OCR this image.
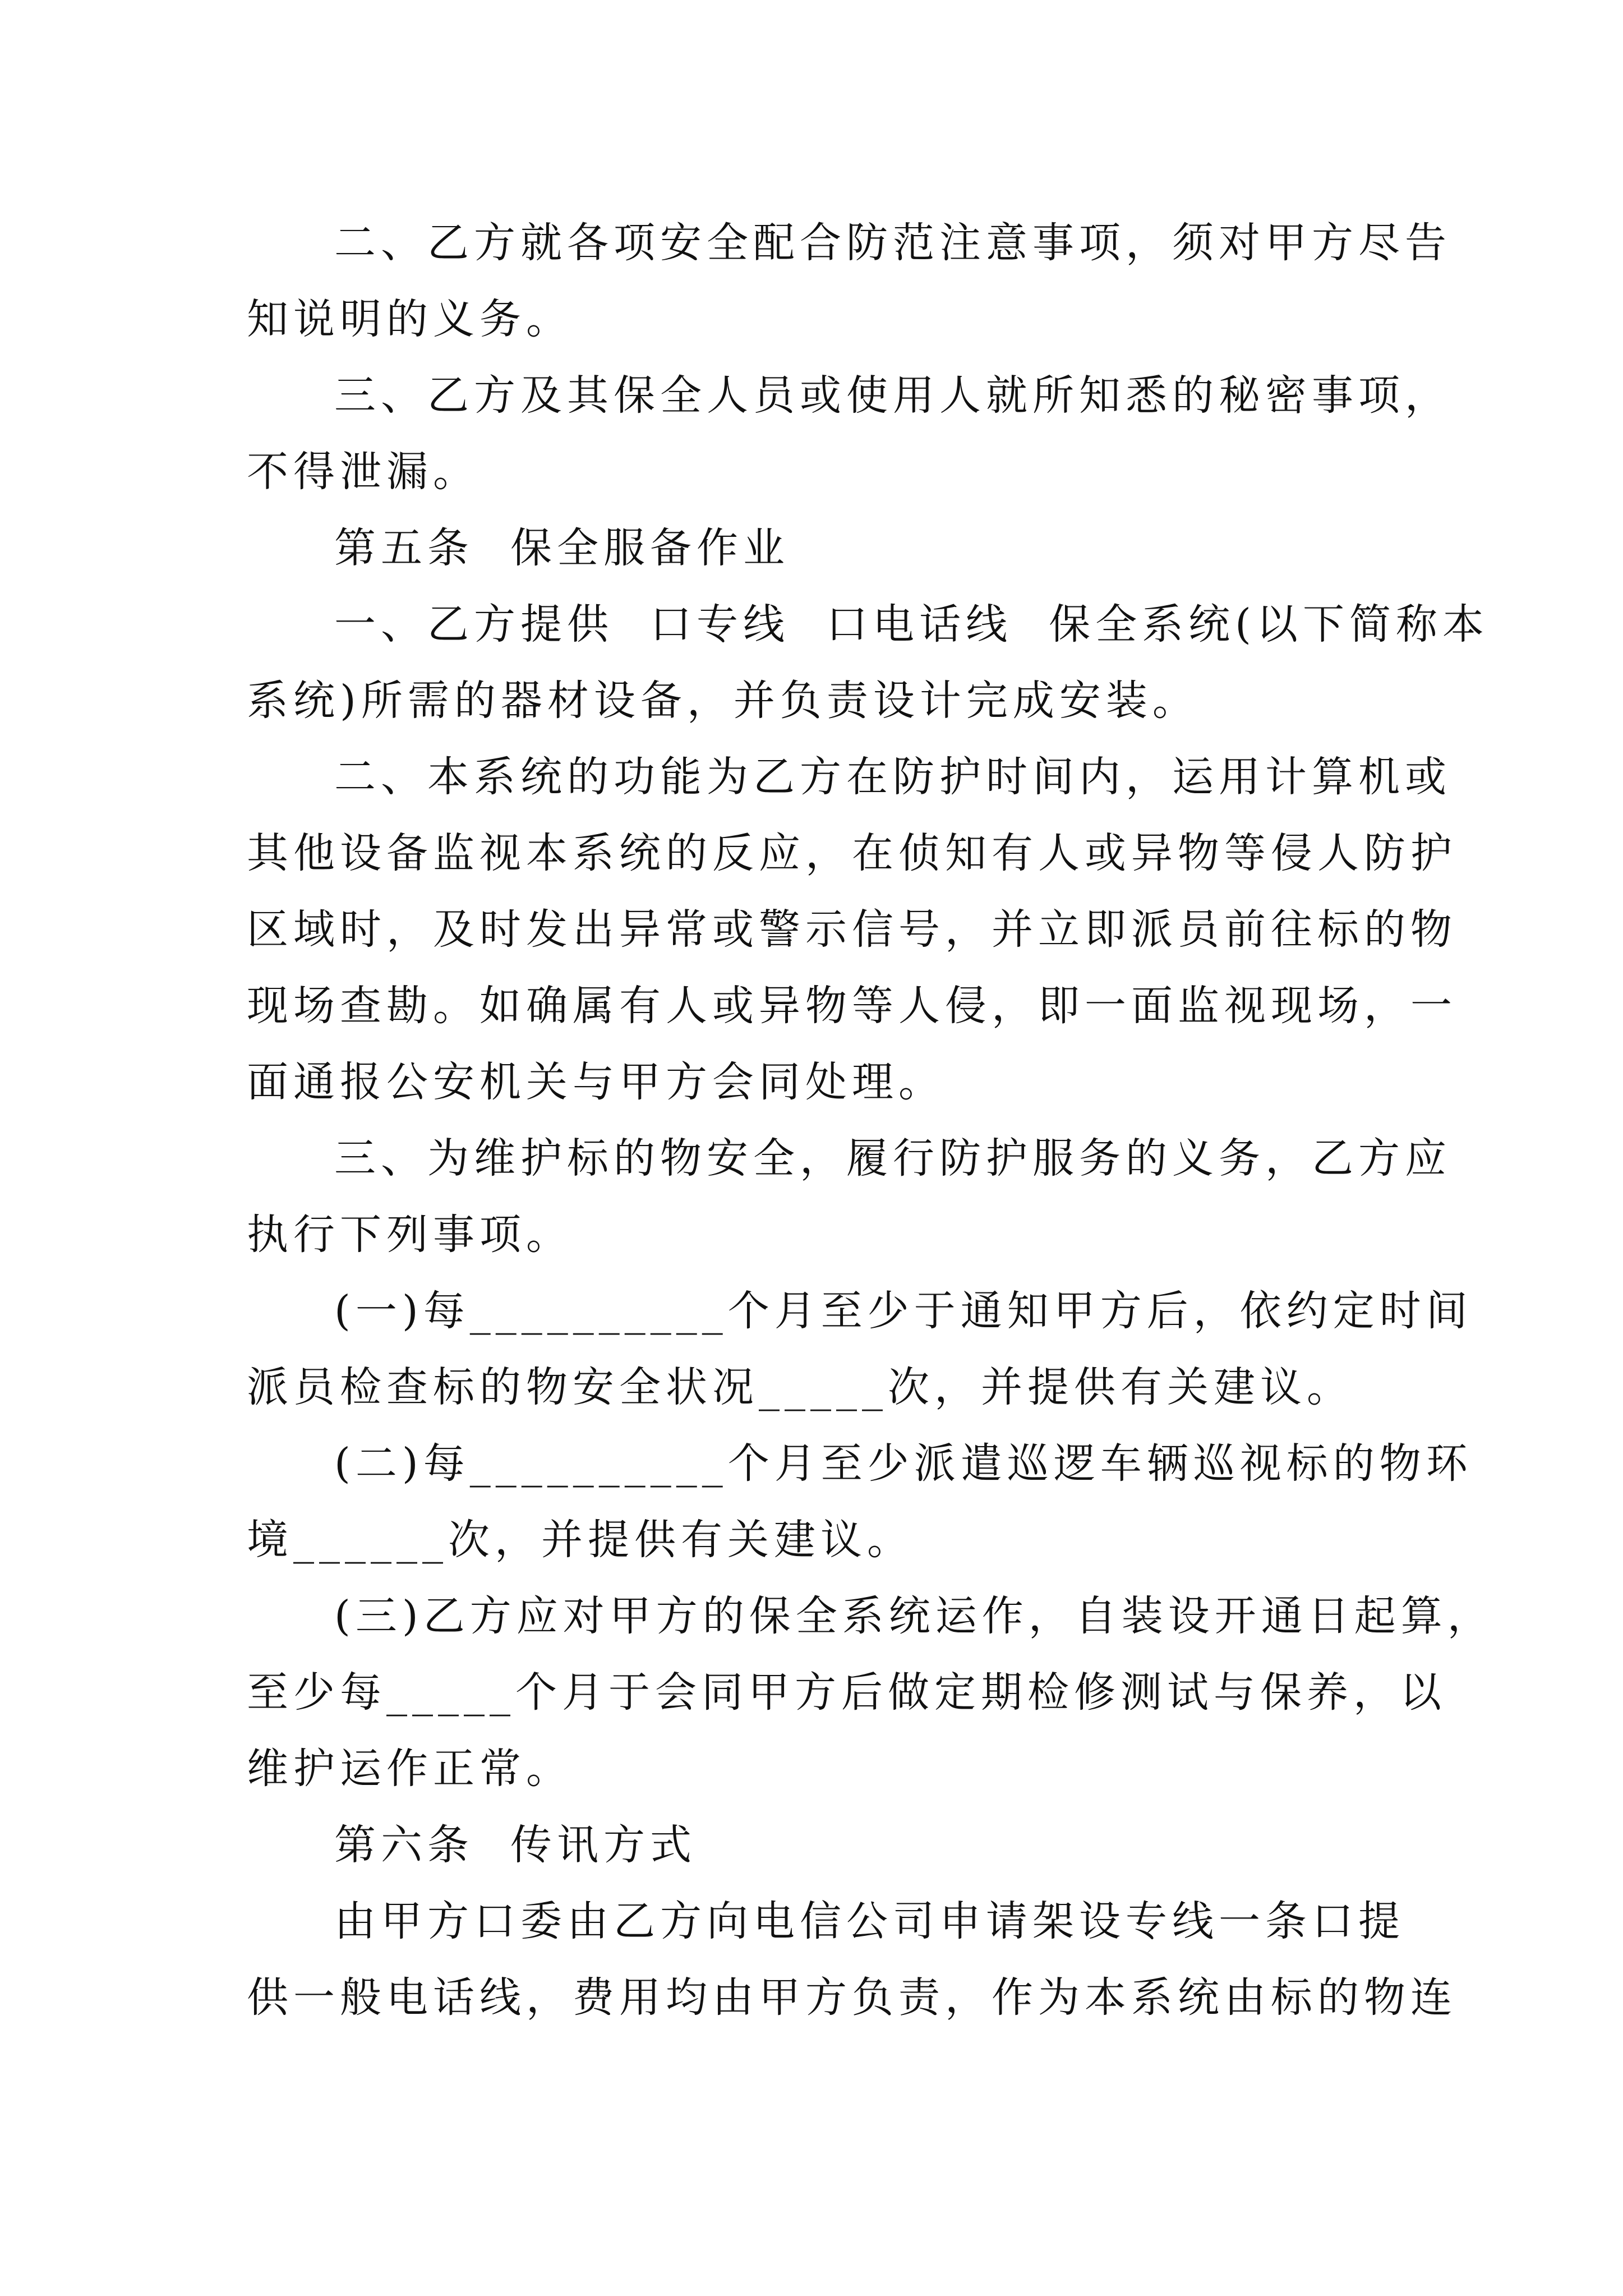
二、乙方就各项安全配合防范注意事项，须对甲方尽告
知说明的义务。
三、乙方及其保全人员或使用人就所知悉的秘密事项，
不得泄漏。
第五条  保全服备作业
一、乙方提供  口专线  口电话线  保全系统(以下简称本
系统)所需的器材设备，并负责设计完成安装。
二、本系统的功能为乙方在防护时间内，运用计算机或
其他设备监视本系统的反应，在侦知有人或异物等侵人防护
区域时，及时发出异常或警示信号，并立即派员前往标的物
现场查勘。如确属有人或异物等人侵，即一面监视现场，一
面通报公安机关与甲方会同处理。
三、为维护标的物安全，履行防护服务的义务，乙方应
执行下列事项。
(一)每__________个月至少于通知甲方后，依约定时间
派员检查标的物安全状况_____次，并提供有关建议。
(二)每__________个月至少派遣巡逻车辆巡视标的物环
境______次，并提供有关建议。
(三)乙方应对甲方的保全系统运作，自装设开通日起算，
至少每_____个月于会同甲方后做定期检修测试与保养，以
维护运作正常。
第六条  传讯方式
由甲方口委由乙方向电信公司申请架设专线一条口提
供一般电话线，费用均由甲方负责，作为本系统由标的物连
